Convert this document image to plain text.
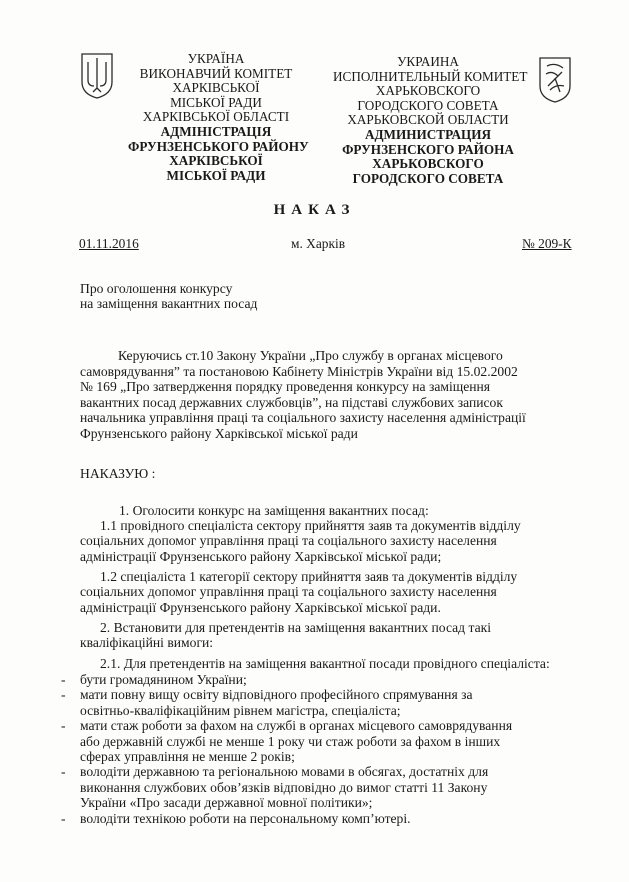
УКРАЇНА
ВИКОНАВЧИЙ КОМІТЕТ
ХАРКІВСЬКОЇ
МІСЬКОЇ РАДИ
ХАРКІВСЬКОЇ ОБЛАСТІ
АДМІНІСТРАЦІЯ
ФРУНЗЕНСЬКОГО РАЙОНУ
ХАРКІВСЬКОЇ
МІСЬКОЇ РАДИ
УКРАИНА
ИСПОЛНИТЕЛЬНЫЙ КОМИТЕТ
ХАРЬКОВСКОГО
ГОРОДСКОГО СОВЕТА
ХАРЬКОВСКОЙ ОБЛАСТИ
АДМИНИСТРАЦИЯ
ФРУНЗЕНСКОГО РАЙОНА
ХАРЬКОВСКОГО
ГОРОДСКОГО СОВЕТА
НАКАЗ
01.11.2016	м. Харків	№ 209-К
Про оголошення конкурсу
на заміщення вакантних посад
Керуючись ст.10 Закону України „Про службу в органах місцевого
самоврядування” та постановою Кабінету Міністрів України від 15.02.2002
№ 169 „Про затвердження порядку проведення конкурсу на заміщення
вакантних посад державних службовців”, на підставі службових записок
начальника управління праці та соціального захисту населення адміністрації
Фрунзенського району Харківської міської ради
НАКАЗУЮ :
1. Оголосити конкурс на заміщення вакантних посад:
1.1 провідного спеціаліста сектору прийняття заяв та документів відділу
соціальних допомог управління праці та соціального захисту населення
адміністрації Фрунзенського району Харківської міської ради;
1.2 спеціаліста 1 категорії сектору прийняття заяв та документів відділу
соціальних допомог управління праці та соціального захисту населення
адміністрації Фрунзенського району Харківської міської ради.
2. Встановити для претендентів на заміщення вакантних посад такі
кваліфікаційні вимоги:
2.1. Для претендентів на заміщення вакантної посади провідного спеціаліста:
- бути громадянином України;
- мати повну вищу освіту відповідного професійного спрямування за
освітньо-кваліфікаційним рівнем магістра, спеціаліста;
- мати стаж роботи за фахом на службі в органах місцевого самоврядування
або державній службі не менше 1 року чи стаж роботи за фахом в інших
сферах управління не менше 2 років;
- володіти державною та регіональною мовами в обсягах, достатніх для
виконання службових обов’язків відповідно до вимог статті 11 Закону
України «Про засади державної мовної політики»;
- володіти технікою роботи на персональному комп’ютері.
